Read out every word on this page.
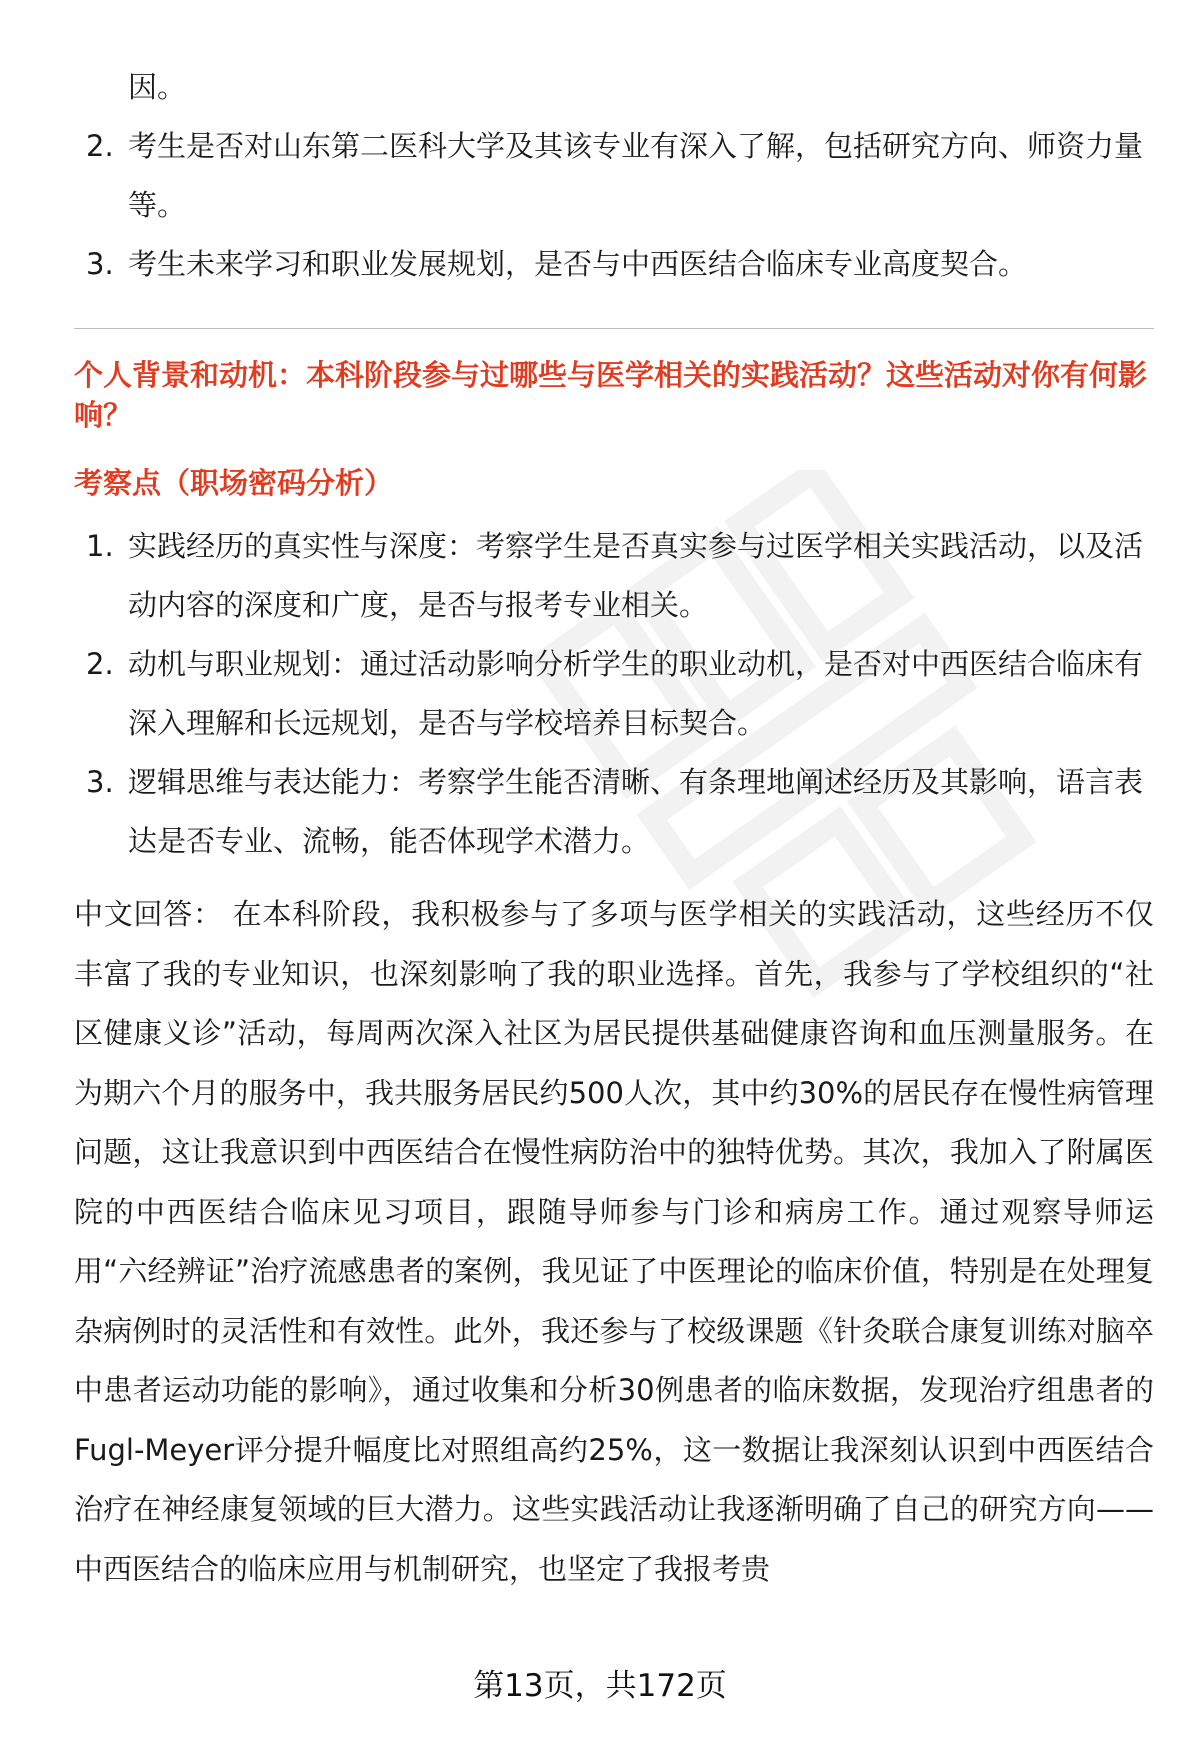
因。
2. 考生是否对山东第二医科大学及其该专业有深入了解，包括研究方向、师资力量等。
3. 考生未来学习和职业发展规划，是否与中西医结合临床专业高度契合。

个人背景和动机：本科阶段参与过哪些与医学相关的实践活动？这些活动对你有何影响？

考察点（职场密码分析）

1. 实践经历的真实性与深度：考察学生是否真实参与过医学相关实践活动，以及活动内容的深度和广度，是否与报考专业相关。
2. 动机与职业规划：通过活动影响分析学生的职业动机，是否对中西医结合临床有深入理解和长远规划，是否与学校培养目标契合。
3. 逻辑思维与表达能力：考察学生能否清晰、有条理地阐述经历及其影响，语言表达是否专业、流畅，能否体现学术潜力。

中文回答： 在本科阶段，我积极参与了多项与医学相关的实践活动，这些经历不仅丰富了我的专业知识，也深刻影响了我的职业选择。首先，我参与了学校组织的“社区健康义诊”活动，每周两次深入社区为居民提供基础健康咨询和血压测量服务。在为期六个月的服务中，我共服务居民约500人次，其中约30%的居民存在慢性病管理问题，这让我意识到中西医结合在慢性病防治中的独特优势。其次，我加入了附属医院的中西医结合临床见习项目，跟随导师参与门诊和病房工作。通过观察导师运用“六经辨证”治疗流感患者的案例，我见证了中医理论的临床价值，特别是在处理复杂病例时的灵活性和有效性。此外，我还参与了校级课题《针灸联合康复训练对脑卒中患者运动功能的影响》，通过收集和分析30例患者的临床数据，发现治疗组患者的Fugl-Meyer评分提升幅度比对照组高约25%，这一数据让我深刻认识到中西医结合治疗在神经康复领域的巨大潜力。这些实践活动让我逐渐明确了自己的研究方向——中西医结合的临床应用与机制研究，也坚定了我报考贵

第13页，共172页
